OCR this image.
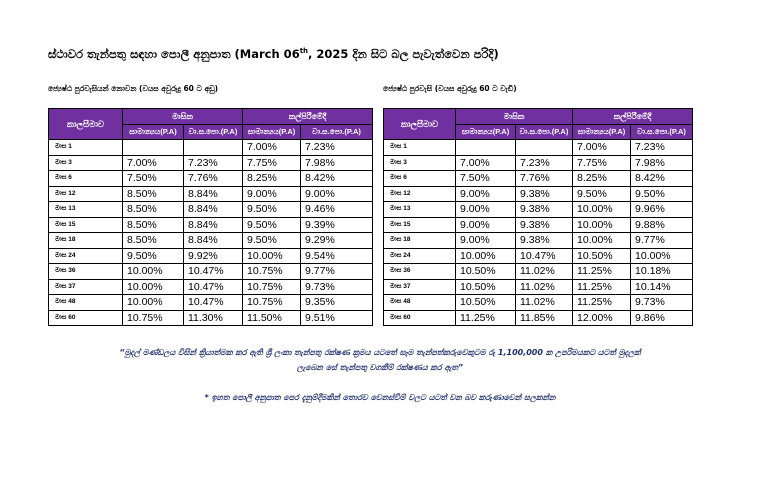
ස්ථාවර තැන්පතු සඳහා පොලී අනුපාත (March 06th, 2025 දින සිට බල පැවැත්වෙන පරිදි)
ජ්‍යෙෂ්ඨ පුරවැසියන් නොවන (වයස අවුරුදු 60 ට අඩු)	ජ්‍යෙෂ්ඨ පුරවැසි (වයස අවුරුදු 60 ට වැඩි)
කාලසීමාව	මාසික		කල්පිරීමේදී	
	සාමාන්‍යය(P.A)	වා.ස.පො.(P.A)	සාමාන්‍යය(P.A)	වා.ස.පො.(P.A)
මාස 1			7.00%	7.23%
මාස 3	7.00%	7.23%	7.75%	7.98%
මාස 6	7.50%	7.76%	8.25%	8.42%
මාස 12	8.50%	8.84%	9.00%	9.00%
මාස 13	8.50%	8.84%	9.50%	9.46%
මාස 15	8.50%	8.84%	9.50%	9.39%
මාස 18	8.50%	8.84%	9.50%	9.29%
මාස 24	9.50%	9.92%	10.00%	9.54%
මාස 36	10.00%	10.47%	10.75%	9.77%
මාස 37	10.00%	10.47%	10.75%	9.73%
මාස 48	10.00%	10.47%	10.75%	9.35%
මාස 60	10.75%	11.30%	11.50%	9.51%
කාලසීමාව	මාසික		කල්පිරීමේදී	
	සාමාන්‍යය(P.A)	වා.ස.පො.(P.A)	සාමාන්‍යය(P.A)	වා.ස.පො.(P.A)
මාස 1			7.00%	7.23%
මාස 3	7.00%	7.23%	7.75%	7.98%
මාස 6	7.50%	7.76%	8.25%	8.42%
මාස 12	9.00%	9.38%	9.50%	9.50%
මාස 13	9.00%	9.38%	10.00%	9.96%
මාස 15	9.00%	9.38%	10.00%	9.88%
මාස 18	9.00%	9.38%	10.00%	9.77%
මාස 24	10.00%	10.47%	10.50%	10.00%
මාස 36	10.50%	11.02%	11.25%	10.18%
මාස 37	10.50%	11.02%	11.25%	10.14%
මාස 48	10.50%	11.02%	11.25%	9.73%
මාස 60	11.25%	11.85%	12.00%	9.86%
“මුදල් මණ්ඩලය විසින් ක්‍රියාත්මක කර ඇති ශ්‍රී ලංකා තැන්පතු රක්ෂණ ක්‍රමය යටතේ සෑම තැන්පත්කරුවෙකුටම රු 1,100,000 ක උපරිමයකට යටත් මුදලක්
ලැබෙන සේ තැන්පතු වගකීම් රක්ෂණය කර ඇත”
* ඉහත පොලී අනුපාත පෙර දැනුම්දීමකින් තොරව වෙනස්වීම් වලට යටත් වන බව කරුණාවෙන් සලකන්න
